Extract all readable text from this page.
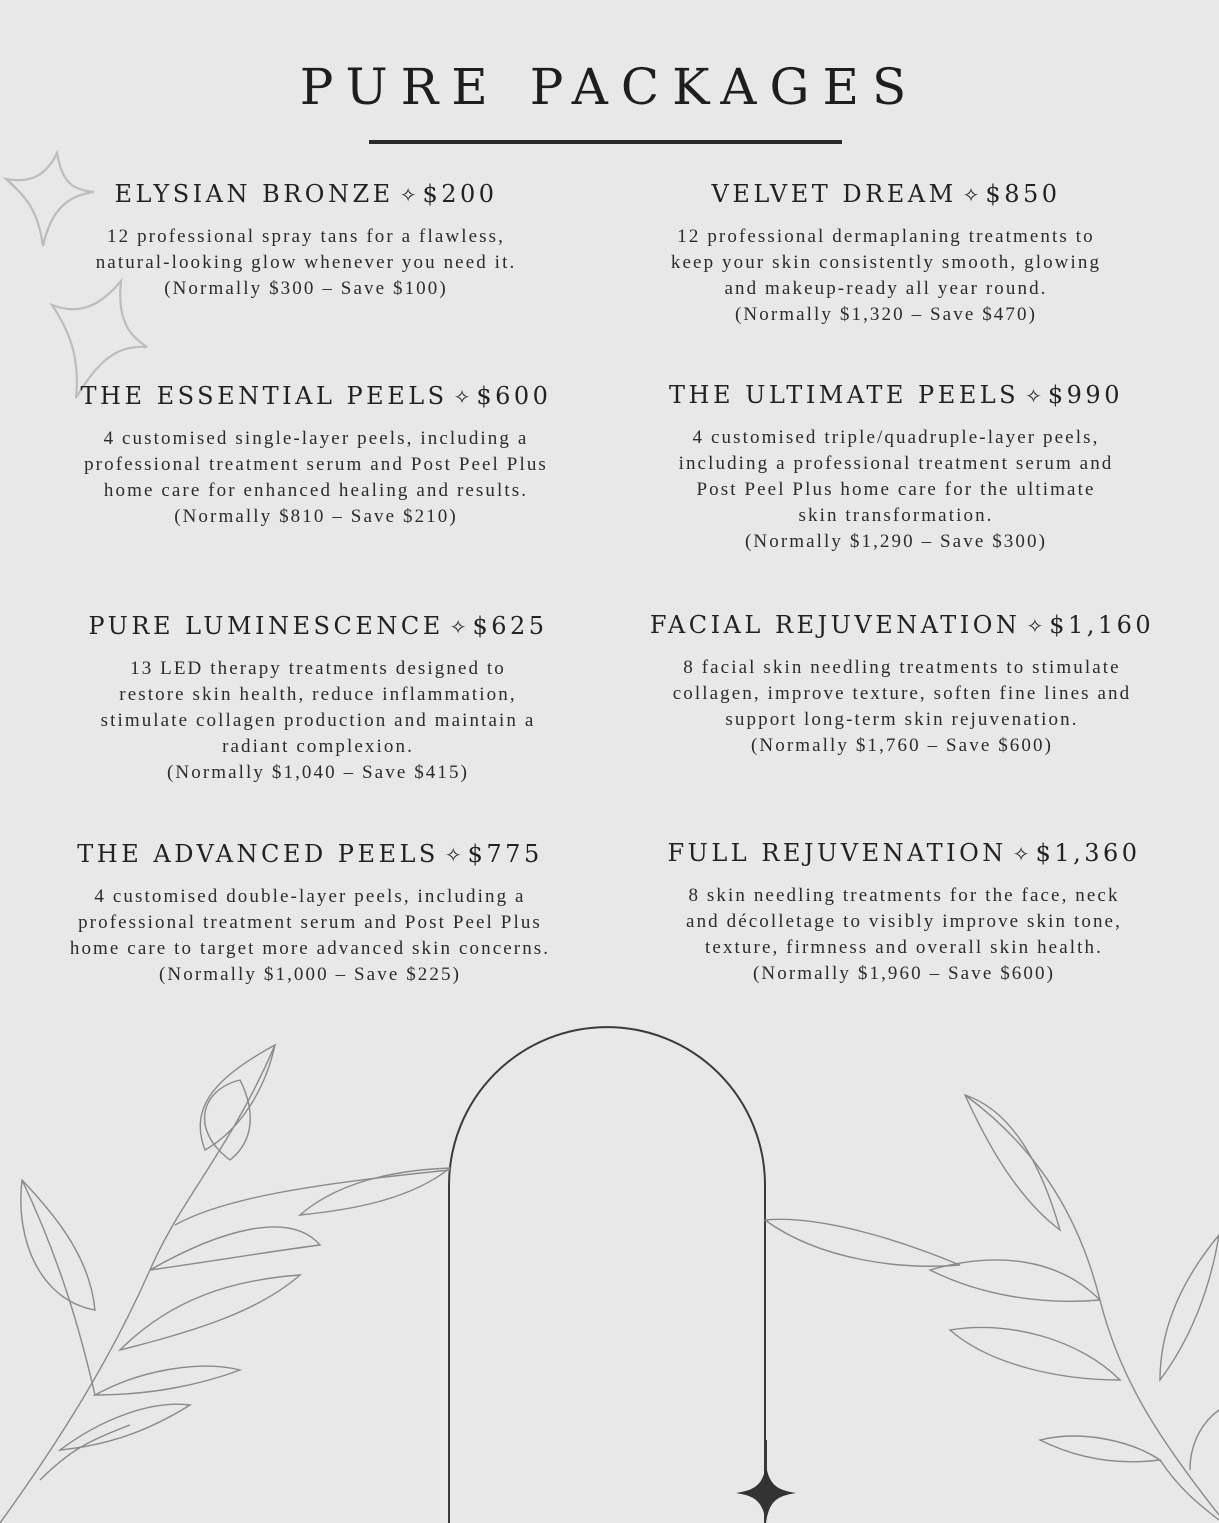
PURE PACKAGES
ELYSIAN BRONZE ✧ $200

12 professional spray tans for a flawless,
natural-looking glow whenever you need it.

(Normally $300 – Save $100)

VELVET DREAM ✧ $850

12 professional dermaplaning treatments to
keep your skin consistently smooth, glowing
and makeup-ready all year round.

(Normally $1,320 – Save $470)

THE ESSENTIAL PEELS ✧ $600

4 customised single-layer peels, including a
professional treatment serum and Post Peel Plus
home care for enhanced healing and results.

(Normally $810 – Save $210)

THE ULTIMATE PEELS ✧ $990

4 customised triple/quadruple-layer peels,
including a professional treatment serum and
Post Peel Plus home care for the ultimate
skin transformation.

(Normally $1,290 – Save $300)

PURE LUMINESCENCE ✧ $625

13 LED therapy treatments designed to
restore skin health, reduce inflammation,
stimulate collagen production and maintain a
radiant complexion.

(Normally $1,040 – Save $415)

FACIAL REJUVENATION ✧ $1,160

8 facial skin needling treatments to stimulate
collagen, improve texture, soften fine lines and
support long-term skin rejuvenation.

(Normally $1,760 – Save $600)

THE ADVANCED PEELS ✧ $775

4 customised double-layer peels, including a
professional treatment serum and Post Peel Plus
home care to target more advanced skin concerns.

(Normally $1,000 – Save $225)

FULL REJUVENATION ✧ $1,360

8 skin needling treatments for the face, neck
and décolletage to visibly improve skin tone,
texture, firmness and overall skin health.

(Normally $1,960 – Save $600)
